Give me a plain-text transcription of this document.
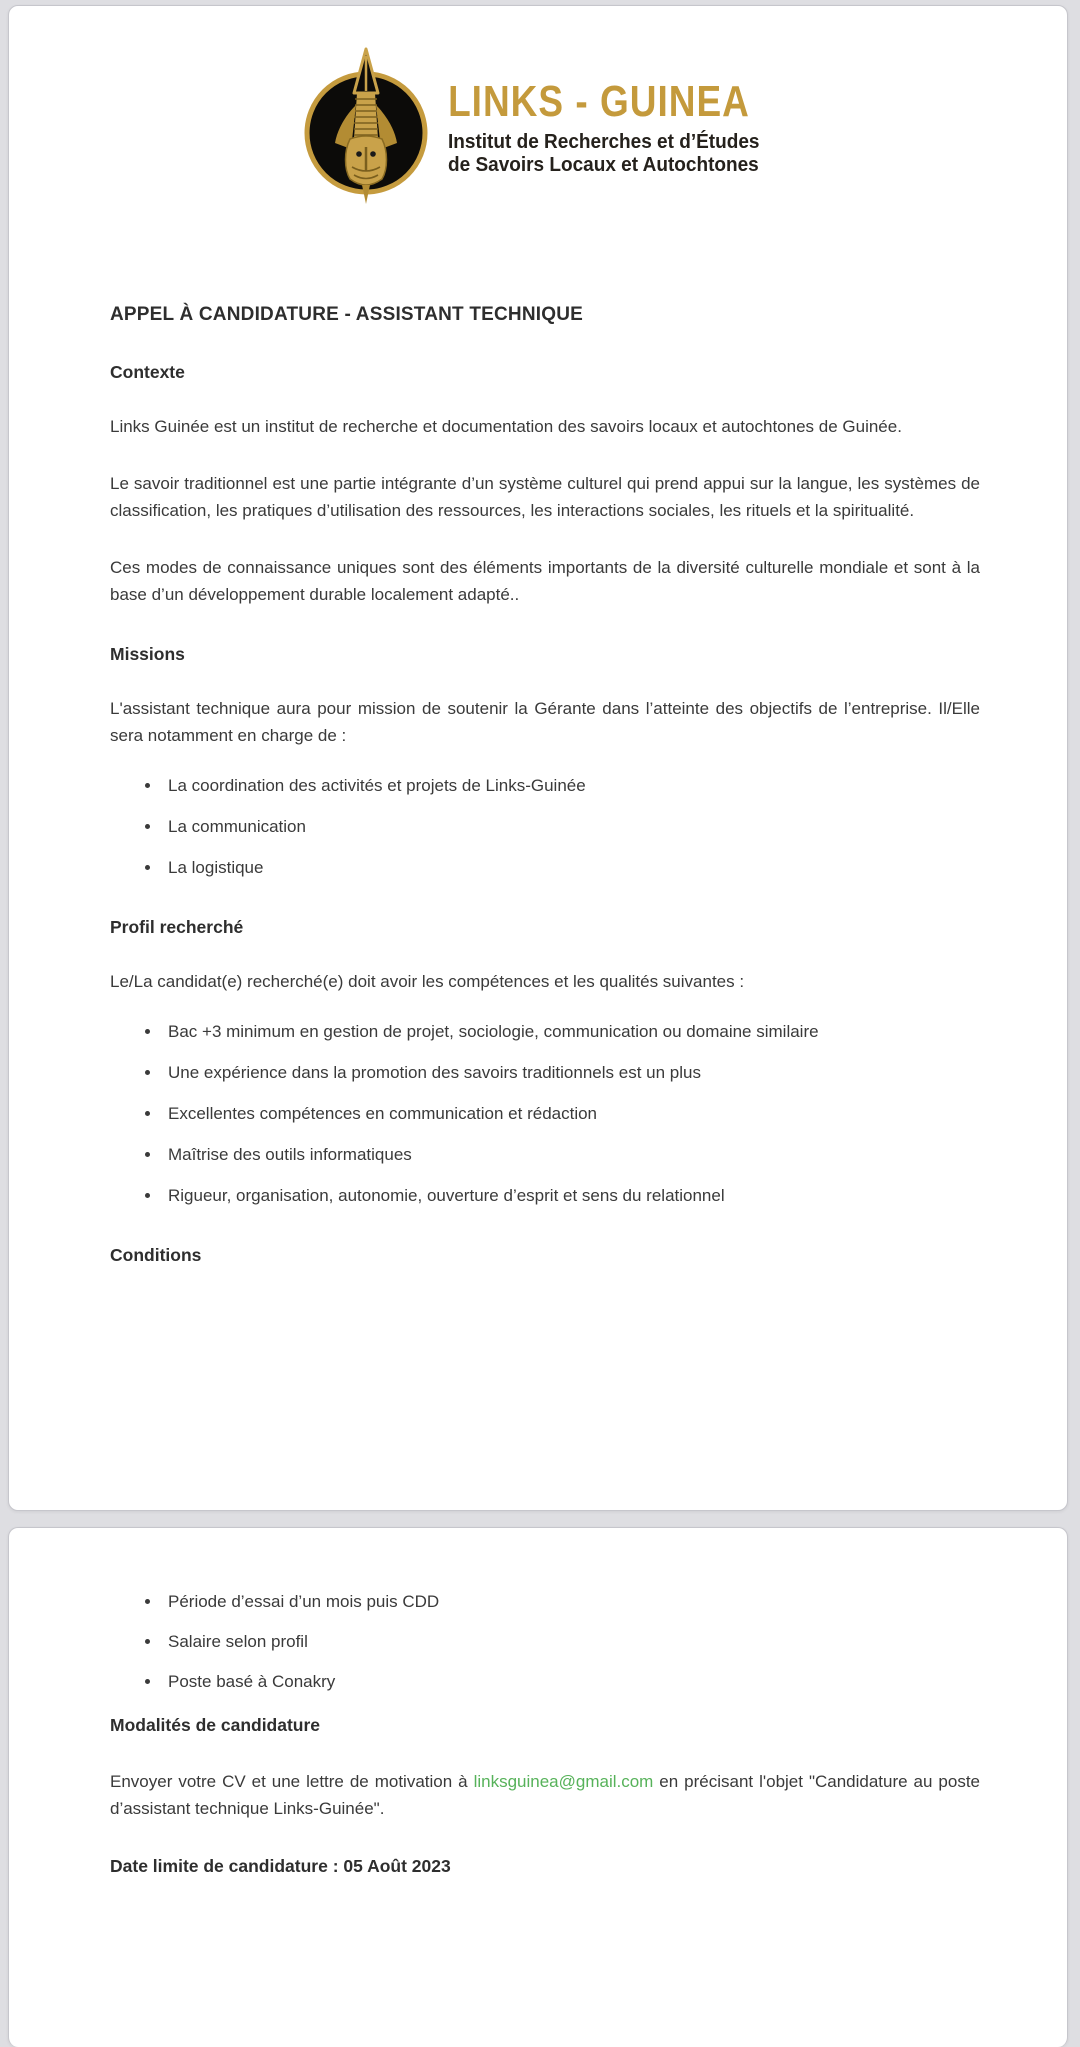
LINKS - GUINEA
Institut de Recherches et d’Études
de Savoirs Locaux et Autochtones
APPEL À CANDIDATURE - ASSISTANT TECHNIQUE
Contexte

Links Guinée est un institut de recherche et documentation des savoirs locaux et autochtones de Guinée.

Le savoir traditionnel est une partie intégrante d’un système culturel qui prend appui sur la langue, les systèmes de classification, les pratiques d’utilisation des ressources, les interactions sociales, les rituels et la spiritualité.

Ces modes de connaissance uniques sont des éléments importants de la diversité culturelle mondiale et sont à la base d’un développement durable localement adapté..

Missions

L'assistant technique aura pour mission de soutenir la Gérante dans l’atteinte des objectifs de l’entreprise. Il/Elle sera notamment en charge de :

• La coordination des activités et projets de Links-Guinée
• La communication
• La logistique
Profil recherché

Le/La candidat(e) recherché(e) doit avoir les compétences et les qualités suivantes :

• Bac +3 minimum en gestion de projet, sociologie, communication ou domaine similaire
• Une expérience dans la promotion des savoirs traditionnels est un plus
• Excellentes compétences en communication et rédaction
• Maîtrise des outils informatiques
• Rigueur, organisation, autonomie, ouverture d’esprit et sens du relationnel
Conditions
• Période d’essai d’un mois puis CDD
• Salaire selon profil
• Poste basé à Conakry
Modalités de candidature

Envoyer votre CV et une lettre de motivation à linksguinea@gmail.com en précisant l'objet "Candidature au poste d’assistant technique Links-Guinée".

Date limite de candidature : 05 Août 2023
